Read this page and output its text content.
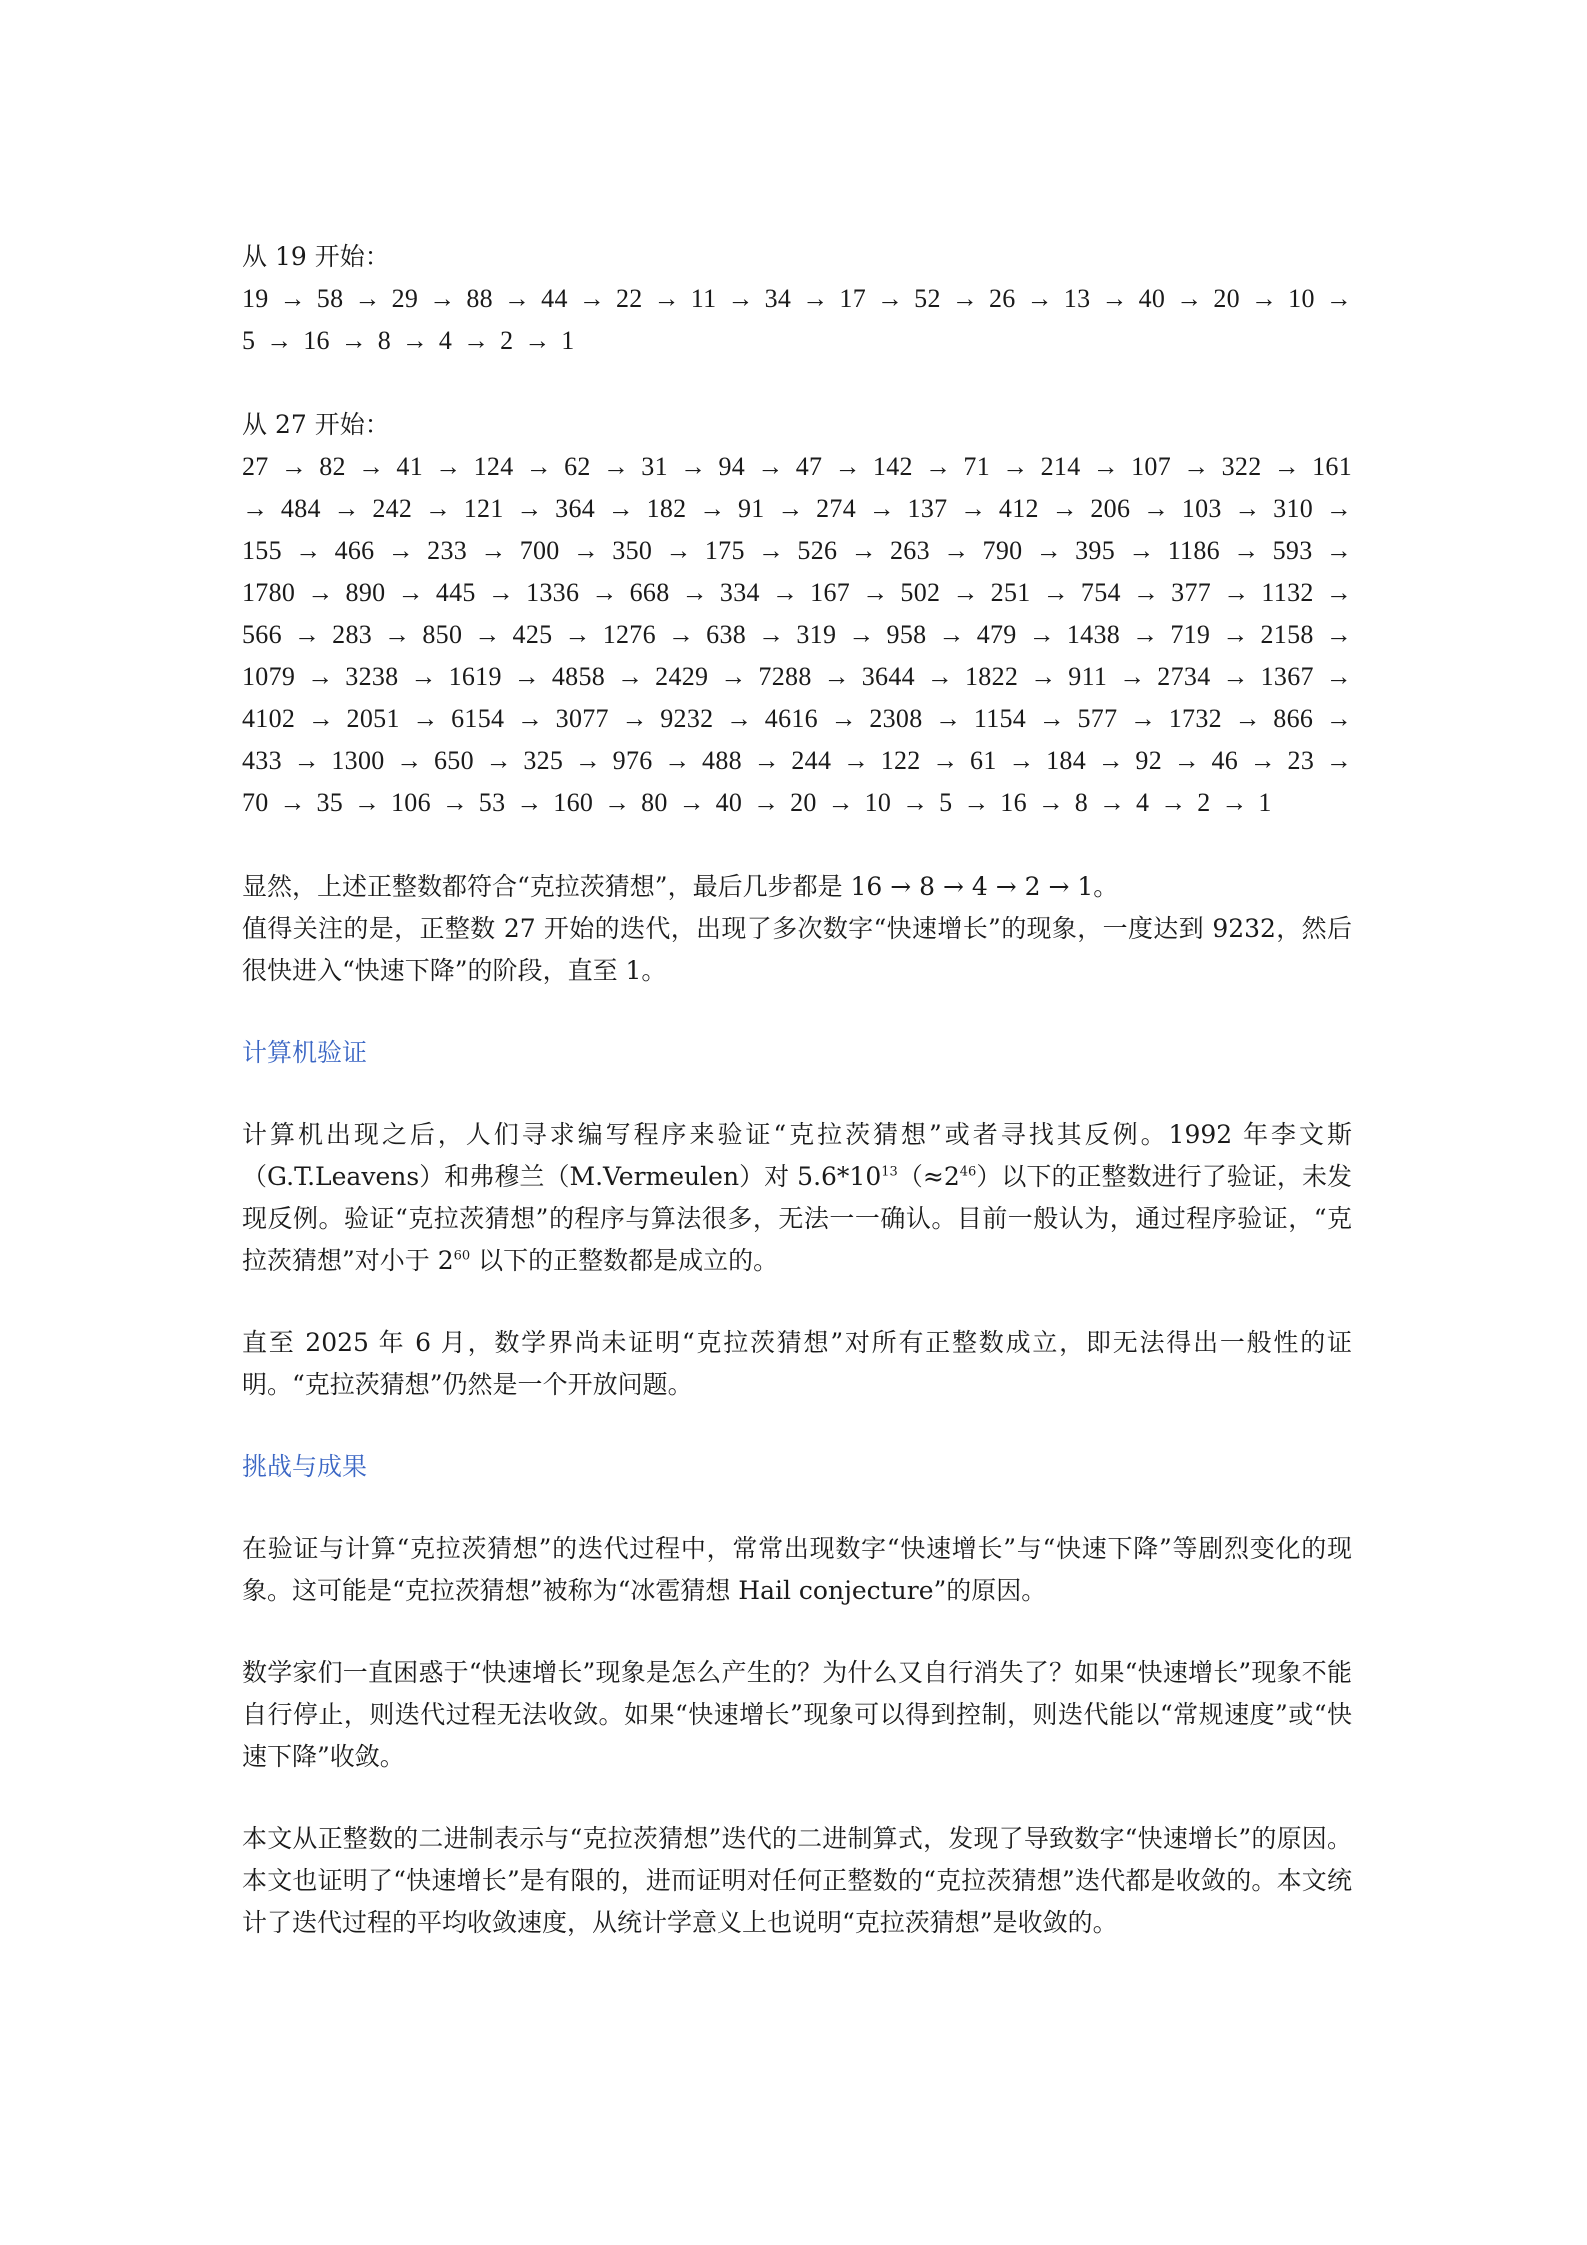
从 19 开始：

19 → 58 → 29 → 88 → 44 → 22 → 11 → 34 → 17 → 52 → 26 → 13 → 40 → 20 → 10 → 5 → 16 → 8 → 4 → 2 → 1

从 27 开始：

27 → 82 → 41 → 124 → 62 → 31 → 94 → 47 → 142 → 71 → 214 → 107 → 322 → 161 → 484 → 242 → 121 → 364 → 182 → 91 → 274 → 137 → 412 → 206 → 103 → 310 → 155 → 466 → 233 → 700 → 350 → 175 → 526 → 263 → 790 → 395 → 1186 → 593 → 1780 → 890 → 445 → 1336 → 668 → 334 → 167 → 502 → 251 → 754 → 377 → 1132 → 566 → 283 → 850 → 425 → 1276 → 638 → 319 → 958 → 479 → 1438 → 719 → 2158 → 1079 → 3238 → 1619 → 4858 → 2429 → 7288 → 3644 → 1822 → 911 → 2734 → 1367 → 4102 → 2051 → 6154 → 3077 → 9232 → 4616 → 2308 → 1154 → 577 → 1732 → 866 → 433 → 1300 → 650 → 325 → 976 → 488 → 244 → 122 → 61 → 184 → 92 → 46 → 23 → 70 → 35 → 106 → 53 → 160 → 80 → 40 → 20 → 10 → 5 → 16 → 8 → 4 → 2 → 1

显然，上述正整数都符合“克拉茨猜想”，最后几步都是 16 → 8 → 4 → 2 → 1。

值得关注的是，正整数 27 开始的迭代，出现了多次数字“快速增长”的现象，一度达到 9232，然后很快进入“快速下降”的阶段，直至 1。

计算机验证

计算机出现之后，人们寻求编写程序来验证“克拉茨猜想”或者寻找其反例。1992 年李文斯（G.T.Leavens）和弗穆兰（M.Vermeulen）对 $5.6*10^{13}(\approx 2^{46})$以下的正整数进行了验证，未发现反例。验证“克拉茨猜想”的程序与算法很多，无法一一确认。目前一般认为，通过程序验证，“克拉茨猜想”对小于 $2^{60}$ 以下的正整数都是成立的。

直至 2025 年 6 月，数学界尚未证明“克拉茨猜想”对所有正整数成立，即无法得出一般性的证明。“克拉茨猜想”仍然是一个开放问题。

挑战与成果

在验证与计算“克拉茨猜想”的迭代过程中，常常出现数字“快速增长”与“快速下降”等剧烈变化的现象。这可能是“克拉茨猜想”被称为“冰雹猜想 Hail conjecture”的原因。

数学家们一直困惑于“快速增长”现象是怎么产生的？为什么又自行消失了？如果“快速增长”现象不能自行停止，则迭代过程无法收敛。如果“快速增长”现象可以得到控制，则迭代能以“常规速度”或“快速下降”收敛。

本文从正整数的二进制表示与“克拉茨猜想”迭代的二进制算式，发现了导致数字“快速增长”的原因。本文也证明了“快速增长”是有限的，进而证明对任何正整数的“克拉茨猜想”迭代都是收敛的。本文统计了迭代过程的平均收敛速度，从统计学意义上也说明“克拉茨猜想”是收敛的。
